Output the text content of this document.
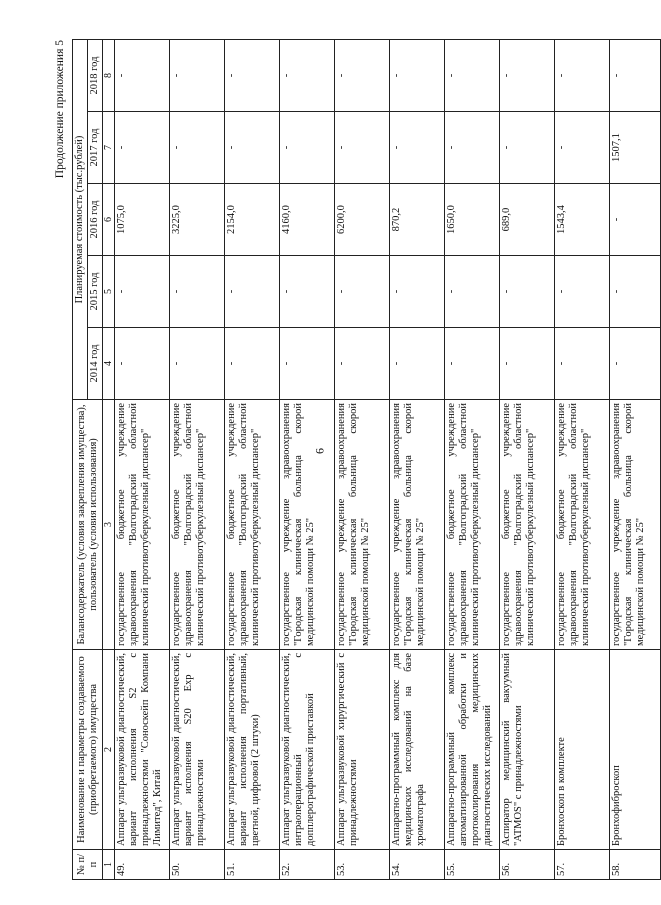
6
Продолжение приложения 5
№ п/п	Наименование и параметры создаваемого (приобретаемого) имущества	Балансодержатель (условия закрепления имущества), пользователь (условия использования)	Планируемая стоимость (тыс.рублей)				
			2014 год	2015 год	2016 год	2017 год	2018 год
1	2	3	4	5	6	7	8
49.	Аппарат ультразвуковой диагностический, вариант исполнения S2 с принадлежностями "Соноскейп Компани Лимитед", Китай	государственное бюджетное учреждение здравоохранения "Волгоградский областной клинический противотуберкулезный диспансер"	-	-	1075,0	-	-
50.	Аппарат ультразвуковой диагностический, вариант исполнения S20 Exp с принадлежностями	государственное бюджетное учреждение здравоохранения "Волгоградский областной клинический противотуберкулезный диспансер"	-	-	3225,0	-	-
51.	Аппарат ультразвуковой диагностический, вариант исполнения портативный, цветной, цифровой (2 штуки)	государственное бюджетное учреждение здравоохранения "Волгоградский областной клинический противотуберкулезный диспансер"	-	-	2154,0	-	-
52.	Аппарат ультразвуковой диагностический, интраоперационный с допплерографической приставкой	государственное учреждение здравоохранения "Городская клиническая больница скорой медицинской помощи № 25"	-	-	4160,0	-	-
53.	Аппарат ультразвуковой хирургический с принадлежностями	государственное учреждение здравоохранения "Городская клиническая больница скорой медицинской помощи № 25"	-	-	6200,0	-	-
54.	Аппаратно-программный комплекс для медицинских исследований на базе хроматографа	государственное учреждение здравоохранения "Городская клиническая больница скорой медицинской помощи № 25"	-	-	870,2	-	-
55.	Аппаратно-программный комплекс автоматизированной обработки и протоколирования медицинских диагностических исследований	государственное бюджетное учреждение здравоохранения "Волгоградский областной клинический противотуберкулезный диспансер"	-	-	1650,0	-	-
56.	Аспиратор медицинский вакуумный "ATMOS" с принадлежностями	государственное бюджетное учреждение здравоохранения "Волгоградский областной клинический противотуберкулезный диспансер"	-	-	689,0	-	-
57.	Бронхоскоп в комплекте	государственное бюджетное учреждение здравоохранения "Волгоградский областной клинический противотуберкулезный диспансер"	-	-	1543,4	-	-
58.	Бронхофиброскоп	государственное учреждение здравоохранения "Городская клиническая больница скорой медицинской помощи № 25"	-	-	-	1507,1	-
